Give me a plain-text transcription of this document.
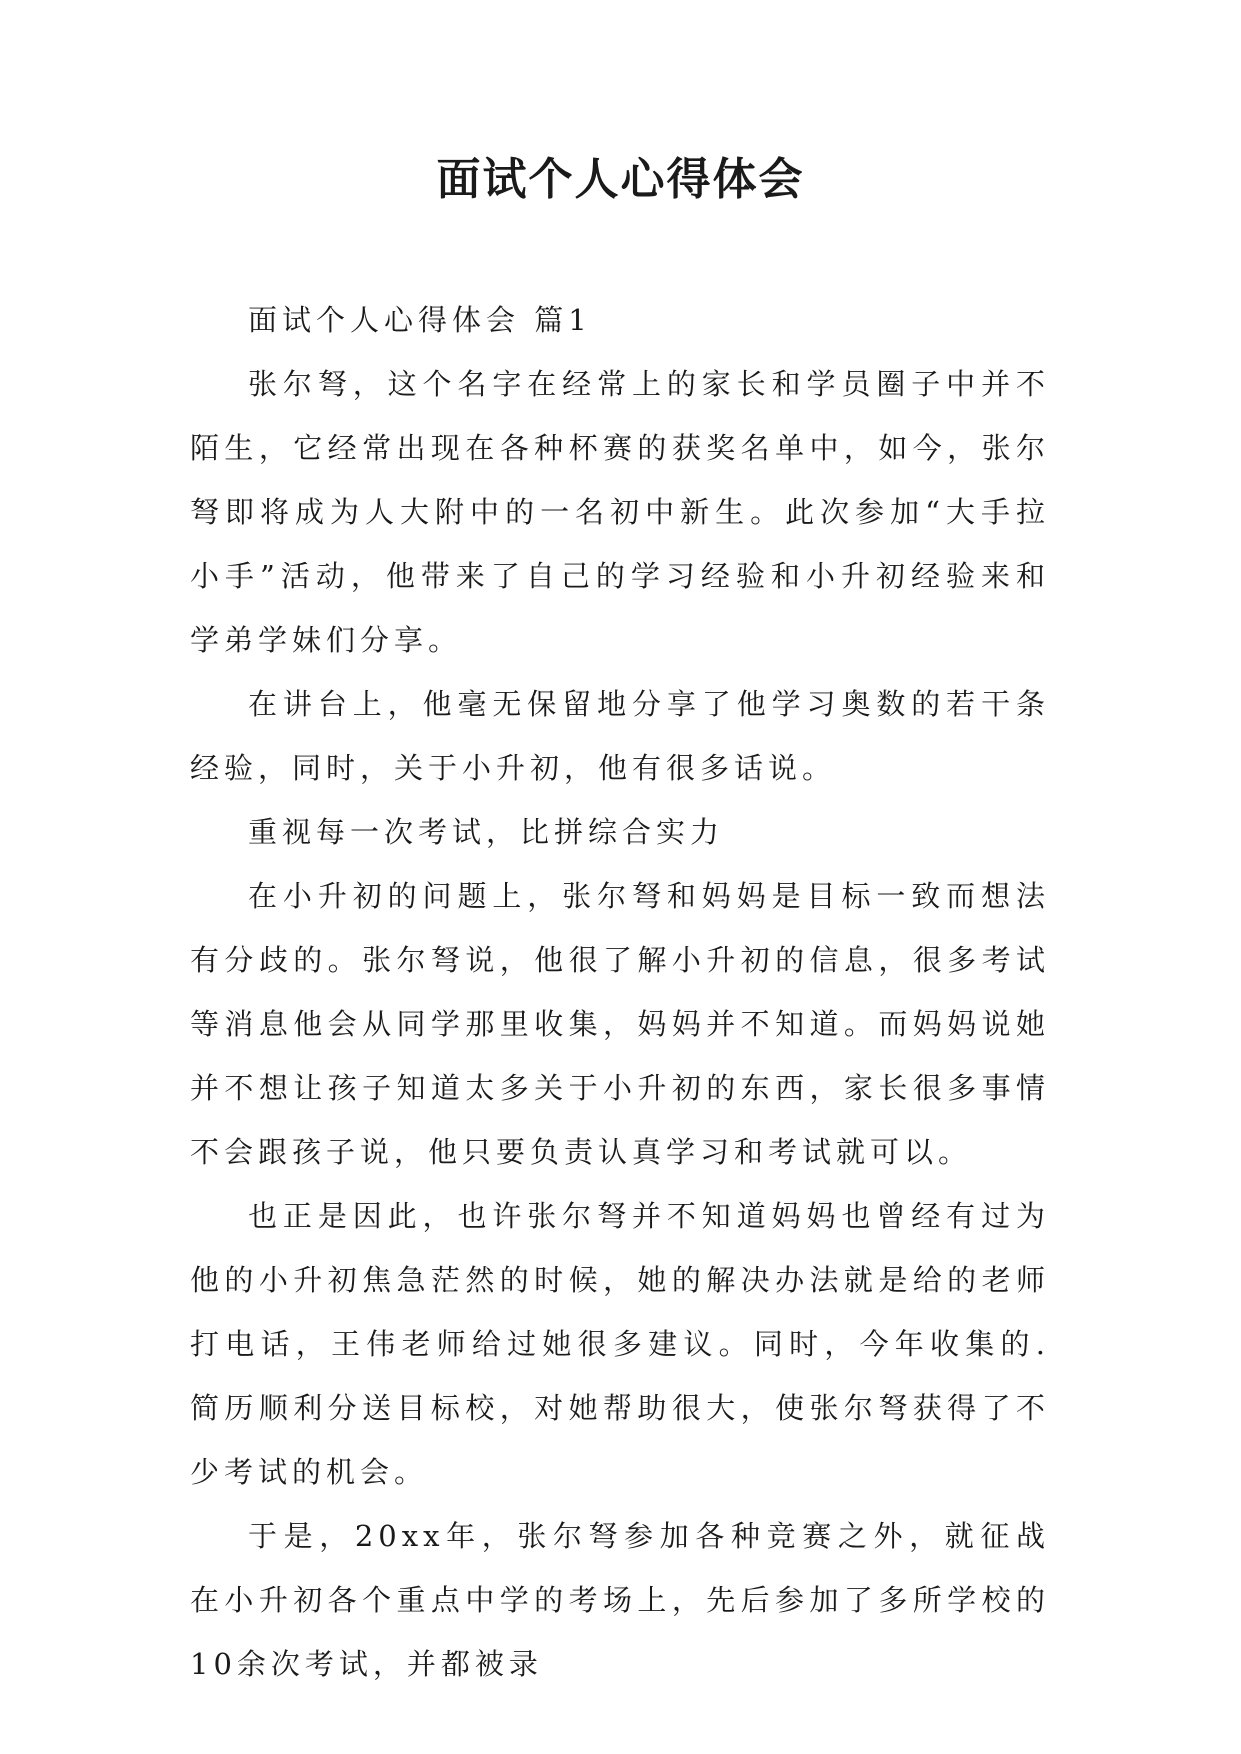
面试个人心得体会

面试个人心得体会 篇1

张尔弩，这个名字在经常上的家长和学员圈子中并不陌生，它经常出现在各种杯赛的获奖名单中，如今，张尔弩即将成为人大附中的一名初中新生。此次参加“大手拉小手”活动，他带来了自己的学习经验和小升初经验来和学弟学妹们分享。

在讲台上，他毫无保留地分享了他学习奥数的若干条经验，同时，关于小升初，他有很多话说。

重视每一次考试，比拼综合实力

在小升初的问题上，张尔弩和妈妈是目标一致而想法有分歧的。张尔弩说，他很了解小升初的信息，很多考试等消息他会从同学那里收集，妈妈并不知道。而妈妈说她并不想让孩子知道太多关于小升初的东西，家长很多事情不会跟孩子说，他只要负责认真学习和考试就可以。

也正是因此，也许张尔弩并不知道妈妈也曾经有过为他的小升初焦急茫然的时候，她的解决办法就是给的老师打电话，王伟老师给过她很多建议。同时，今年收集的.简历顺利分送目标校，对她帮助很大，使张尔弩获得了不少考试的机会。

于是，20xx年，张尔弩参加各种竞赛之外，就征战在小升初各个重点中学的考场上，先后参加了多所学校的10余次考试，并都被录
